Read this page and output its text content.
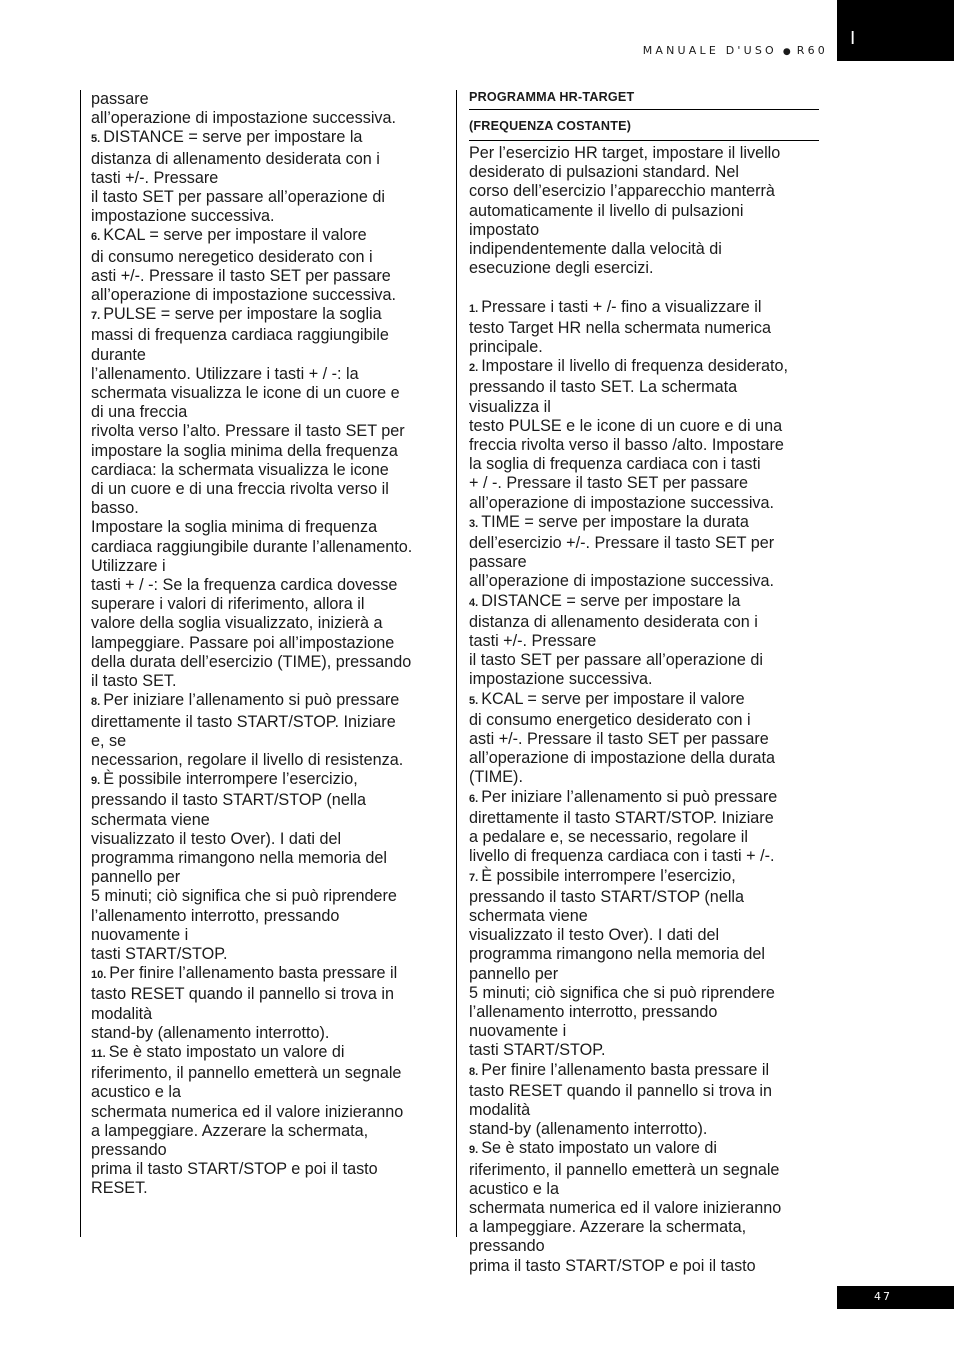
MANUALE D'USO ● R60
I
passare
all’operazione di impostazione successiva.
5. DISTANCE = serve per impostare la
distanza di allenamento desiderata con i
tasti +/-. Pressare
il tasto SET per passare all’operazione di
impostazione successiva.
6. KCAL = serve per impostare il valore
di consumo neregetico desiderato con i
asti +/-. Pressare il tasto SET per passare
all’operazione di impostazione successiva.
7. PULSE = serve per impostare la soglia
massi di frequenza cardiaca raggiungibile
durante
l’allenamento. Utilizzare i tasti + / -: la
schermata visualizza le icone di un cuore e
di una freccia
rivolta verso l’alto. Pressare il tasto SET per
impostare la soglia minima della frequenza
cardiaca: la schermata visualizza le icone
di un cuore e di una freccia rivolta verso il
basso.
Impostare la soglia minima di frequenza
cardiaca raggiungibile durante l’allenamento.
Utilizzare i
tasti + / -: Se la frequenza cardica dovesse
superare i valori di riferimento, allora il
valore della soglia visualizzato, inizierà a
lampeggiare. Passare poi all’impostazione
della durata dell’esercizio (TIME), pressando
il tasto SET.
8. Per iniziare l’allenamento si può pressare
direttamente il tasto START/STOP. Iniziare
e, se
necessarion, regolare il livello di resistenza.
9. È possibile interrompere l’esercizio,
pressando il tasto START/STOP (nella
schermata viene
visualizzato il testo Over). I dati del
programma rimangono nella memoria del
pannello per
5 minuti; ciò significa che si può riprendere
l’allenamento interrotto, pressando
nuovamente i
tasti START/STOP.
10. Per finire l’allenamento basta pressare il
tasto RESET quando il pannello si trova in
modalità
stand-by (allenamento interrotto).
11. Se è stato impostato un valore di
riferimento, il pannello emetterà un segnale
acustico e la
schermata numerica ed il valore inizieranno
a lampeggiare. Azzerare la schermata,
pressando
prima il tasto START/STOP e poi il tasto
RESET.
PROGRAMMA HR-TARGET
(FREQUENZA COSTANTE)
Per l’esercizio HR target, impostare il livello
desiderato di pulsazioni standard. Nel
corso dell’esercizio l’apparecchio manterrà
automaticamente il livello di pulsazioni
impostato
indipendentemente dalla velocità di
esecuzione degli esercizi.
1. Pressare i tasti + /- fino a visualizzare il
testo Target HR nella schermata numerica
principale.
2. Impostare il livello di frequenza desiderato,
pressando il tasto SET. La schermata
visualizza il
testo PULSE e le icone di un cuore e di una
freccia rivolta verso il basso /alto. Impostare
la soglia di frequenza cardiaca con i tasti
+ / -. Pressare il tasto SET per passare
all’operazione di impostazione successiva.
3. TIME = serve per impostare la durata
dell’esercizio +/-. Pressare il tasto SET per
passare
all’operazione di impostazione successiva.
4. DISTANCE = serve per impostare la
distanza di allenamento desiderata con i
tasti +/-. Pressare
il tasto SET per passare all’operazione di
impostazione successiva.
5. KCAL = serve per impostare il valore
di consumo energetico desiderato con i
asti +/-. Pressare il tasto SET per passare
all’operazione di impostazione della durata
(TIME).
6. Per iniziare l’allenamento si può pressare
direttamente il tasto START/STOP. Iniziare
a pedalare e, se necessario, regolare il
livello di frequenza cardiaca con i tasti + /-.
7. È possibile interrompere l’esercizio,
pressando il tasto START/STOP (nella
schermata viene
visualizzato il testo Over). I dati del
programma rimangono nella memoria del
pannello per
5 minuti; ciò significa che si può riprendere
l’allenamento interrotto, pressando
nuovamente i
tasti START/STOP.
8. Per finire l’allenamento basta pressare il
tasto RESET quando il pannello si trova in
modalità
stand-by (allenamento interrotto).
9. Se è stato impostato un valore di
riferimento, il pannello emetterà un segnale
acustico e la
schermata numerica ed il valore inizieranno
a lampeggiare. Azzerare la schermata,
pressando
prima il tasto START/STOP e poi il tasto
47
